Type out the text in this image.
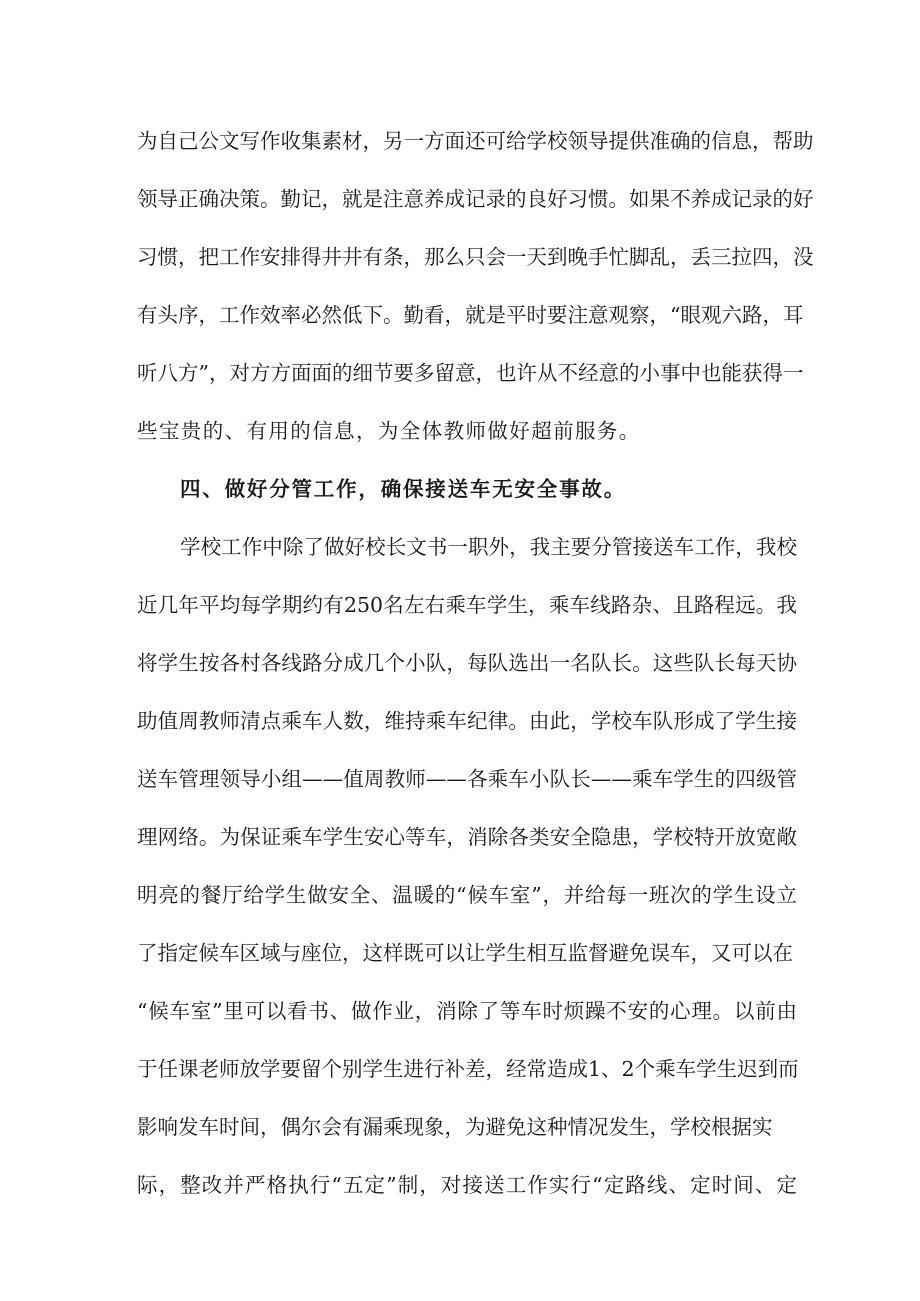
为自己公文写作收集素材，另一方面还可给学校领导提供准确的信息，帮助
领导正确决策。勤记，就是注意养成记录的良好习惯。如果不养成记录的好
习惯，把工作安排得井井有条，那么只会一天到晚手忙脚乱，丢三拉四，没
有头序，工作效率必然低下。勤看，就是平时要注意观察，“眼观六路，耳
听八方”，对方方面面的细节要多留意，也许从不经意的小事中也能获得一
些宝贵的、有用的信息，为全体教师做好超前服务。
四、做好分管工作，确保接送车无安全事故。
学校工作中除了做好校长文书一职外，我主要分管接送车工作，我校
近几年平均每学期约有250名左右乘车学生，乘车线路杂、且路程远。我
将学生按各村各线路分成几个小队，每队选出一名队长。这些队长每天协
助值周教师清点乘车人数，维持乘车纪律。由此，学校车队形成了学生接
送车管理领导小组——值周教师——各乘车小队长——乘车学生的四级管
理网络。为保证乘车学生安心等车，消除各类安全隐患，学校特开放宽敞
明亮的餐厅给学生做安全、温暖的“候车室”，并给每一班次的学生设立
了指定候车区域与座位，这样既可以让学生相互监督避免误车，又可以在
“候车室”里可以看书、做作业，消除了等车时烦躁不安的心理。以前由
于任课老师放学要留个别学生进行补差，经常造成1、2个乘车学生迟到而
影响发车时间，偶尔会有漏乘现象，为避免这种情况发生，学校根据实
际，整改并严格执行“五定”制，对接送工作实行“定路线、定时间、定
